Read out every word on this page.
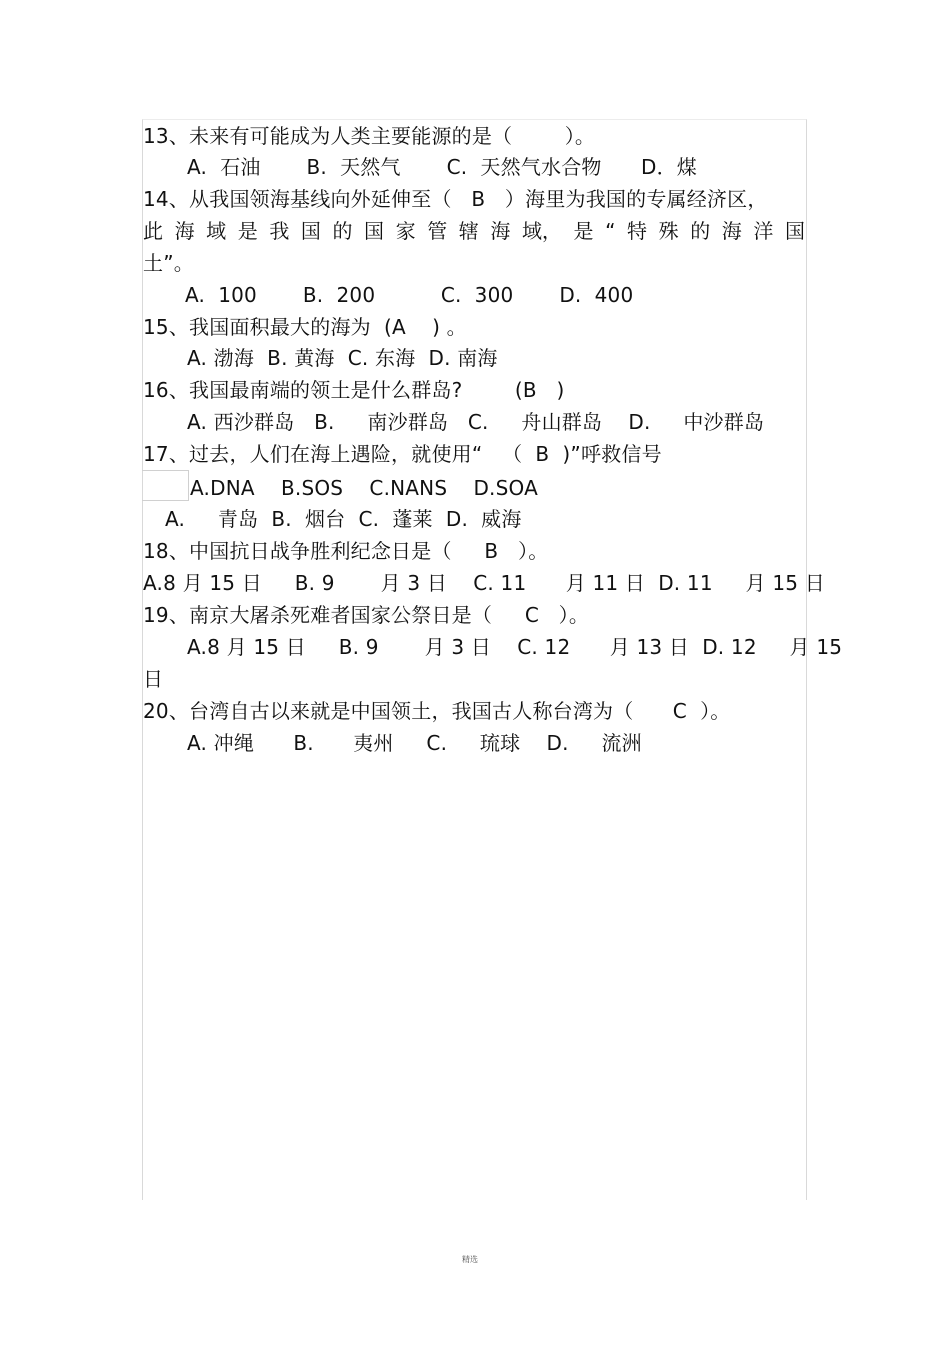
13、未来有可能成为人类主要能源的是（        ）。
A.  石油       B.  天然气       C.  天然气水合物      D．煤
14、从我国领海基线向外延伸至（   B   ）海里为我国的专属经济区，
此 海 域 是 我 国 的 国 家 管 辖 海 域， 是 “ 特 殊 的 海 洋 国
土”。
A.  100       B.  200          C.  300       D.  400
15、我国面积最大的海为  (A    ) 。
A. 渤海  B. 黄海  C. 东海  D. 南海
16、我国最南端的领土是什么群岛?        (B   )
A. 西沙群岛   B.     南沙群岛   C.     舟山群岛    D.     中沙群岛
17、过去，人们在海上遇险，就使用“   （  B  )”呼救信号
A.DNA    B.SOS    C.NANS    D.SOA
A.     青岛  B.  烟台  C.  蓬莱  D.  威海
18、中国抗日战争胜利纪念日是（     B   ）。
A.8 月 15 日     B. 9       月 3 日    C. 11      月 11 日  D. 11     月 15 日
19、南京大屠杀死难者国家公祭日是（     C   ）。
A.8 月 15 日     B. 9       月 3 日    C. 12      月 13 日  D. 12     月 15
日
20、台湾自古以来就是中国领土，我国古人称台湾为（      C  ）。
A. 冲绳      B.      夷州     C.     琉球    D.     流洲
精选
